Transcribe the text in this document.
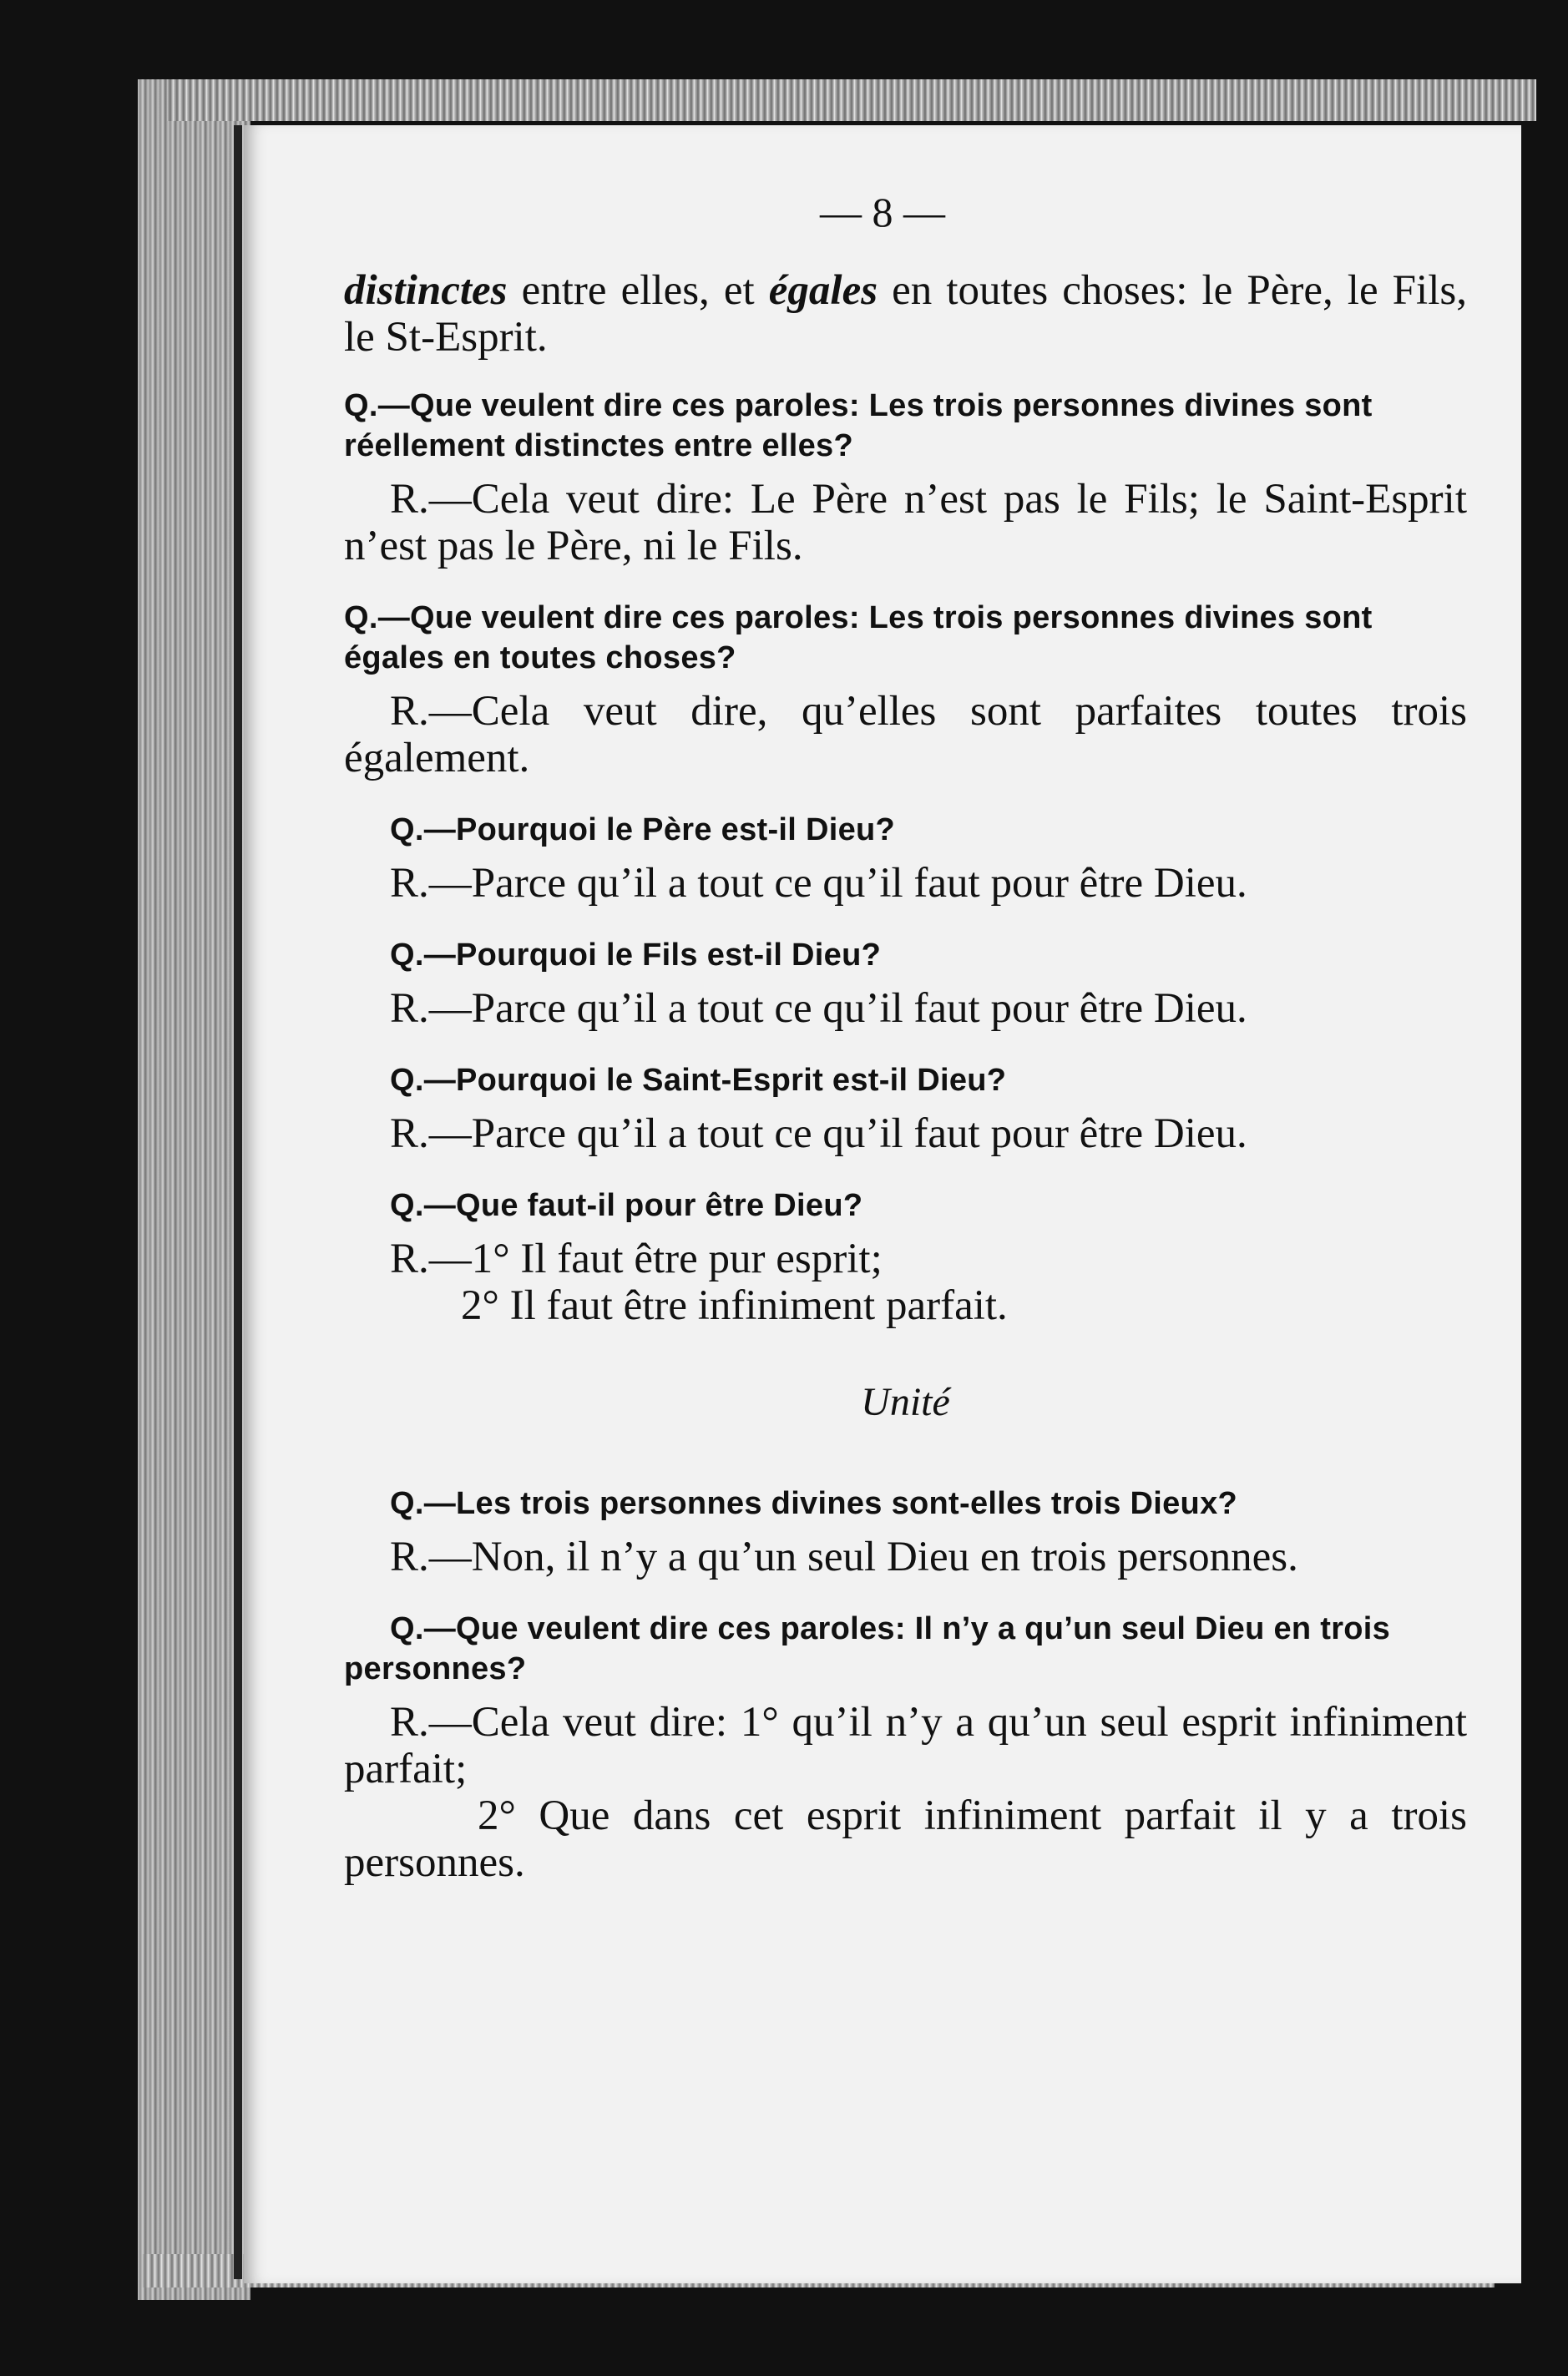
— 8 —

distinctes entre elles, et égales en toutes choses: le Père, le Fils, le St-Esprit.

Q.—Que veulent dire ces paroles: Les trois personnes divines sont réellement distinctes entre elles?

R.—Cela veut dire: Le Père n’est pas le Fils; le Saint-Esprit n’est pas le Père, ni le Fils.

Q.—Que veulent dire ces paroles: Les trois personnes divines sont égales en toutes choses?

R.—Cela veut dire, qu’elles sont parfaites toutes trois également.

Q.—Pourquoi le Père est-il Dieu?

R.—Parce qu’il a tout ce qu’il faut pour être Dieu.

Q.—Pourquoi le Fils est-il Dieu?

R.—Parce qu’il a tout ce qu’il faut pour être Dieu.

Q.—Pourquoi le Saint-Esprit est-il Dieu?

R.—Parce qu’il a tout ce qu’il faut pour être Dieu.

Q.—Que faut-il pour être Dieu?

R.—1° Il faut être pur esprit;
2° Il faut être infiniment parfait.

Unité

Q.—Les trois personnes divines sont-elles trois Dieux?

R.—Non, il n’y a qu’un seul Dieu en trois personnes.

Q.—Que veulent dire ces paroles: Il n’y a qu’un seul Dieu en trois personnes?

R.—Cela veut dire: 1° qu’il n’y a qu’un seul esprit infiniment parfait;
2° Que dans cet esprit infiniment parfait il y a trois personnes.
